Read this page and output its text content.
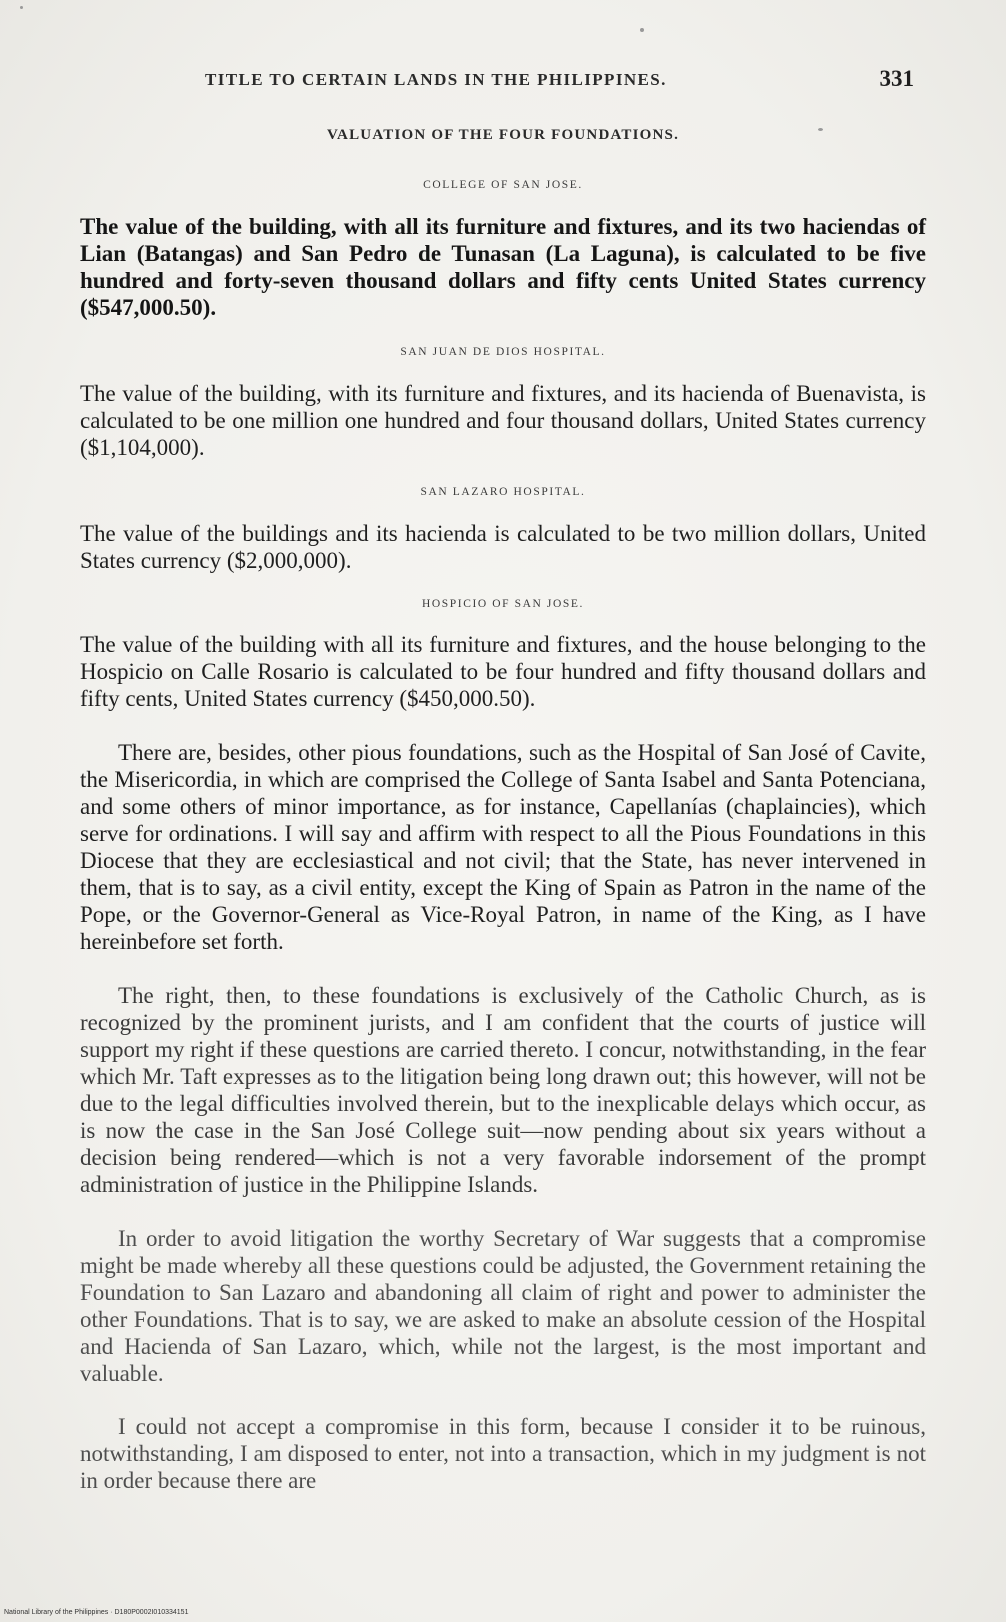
TITLE TO CERTAIN LANDS IN THE PHILIPPINES.	331
VALUATION OF THE FOUR FOUNDATIONS.
COLLEGE OF SAN JOSE.

The value of the building, with all its furniture and fixtures, and its two haciendas of Lian (Batangas) and San Pedro de Tunasan (La Laguna), is calculated to be five hundred and forty-seven thousand dollars and fifty cents United States currency ($547,000.50).

SAN JUAN DE DIOS HOSPITAL.

The value of the building, with its furniture and fixtures, and its hacienda of Buenavista, is calculated to be one million one hundred and four thousand dollars, United States currency ($1,104,000).

SAN LAZARO HOSPITAL.

The value of the buildings and its hacienda is calculated to be two million dollars, United States currency ($2,000,000).

HOSPICIO OF SAN JOSE.

The value of the building with all its furniture and fixtures, and the house belonging to the Hospicio on Calle Rosario is calculated to be four hundred and fifty thousand dollars and fifty cents, United States currency ($450,000.50).

There are, besides, other pious foundations, such as the Hospital of San José of Cavite, the Misericordia, in which are comprised the College of Santa Isabel and Santa Potenciana, and some others of minor importance, as for instance, Capellanías (chaplaincies), which serve for ordinations. I will say and affirm with respect to all the Pious Foundations in this Diocese that they are ecclesiastical and not civil; that the State, has never intervened in them, that is to say, as a civil entity, except the King of Spain as Patron in the name of the Pope, or the Governor-General as Vice-Royal Patron, in name of the King, as I have hereinbefore set forth.

The right, then, to these foundations is exclusively of the Catholic Church, as is recognized by the prominent jurists, and I am confident that the courts of justice will support my right if these questions are carried thereto. I concur, notwithstanding, in the fear which Mr. Taft expresses as to the litigation being long drawn out; this however, will not be due to the legal difficulties involved therein, but to the inexplicable delays which occur, as is now the case in the San José College suit—now pending about six years without a decision being rendered—which is not a very favorable indorsement of the prompt administration of justice in the Philippine Islands.

In order to avoid litigation the worthy Secretary of War suggests that a compromise might be made whereby all these questions could be adjusted, the Government retaining the Foundation to San Lazaro and abandoning all claim of right and power to administer the other Foundations. That is to say, we are asked to make an absolute cession of the Hospital and Hacienda of San Lazaro, which, while not the largest, is the most important and valuable.

I could not accept a compromise in this form, because I consider it to be ruinous, notwithstanding, I am disposed to enter, not into a transaction, which in my judgment is not in order because there are

National Library of the Philippines · D180P0002I010334151
